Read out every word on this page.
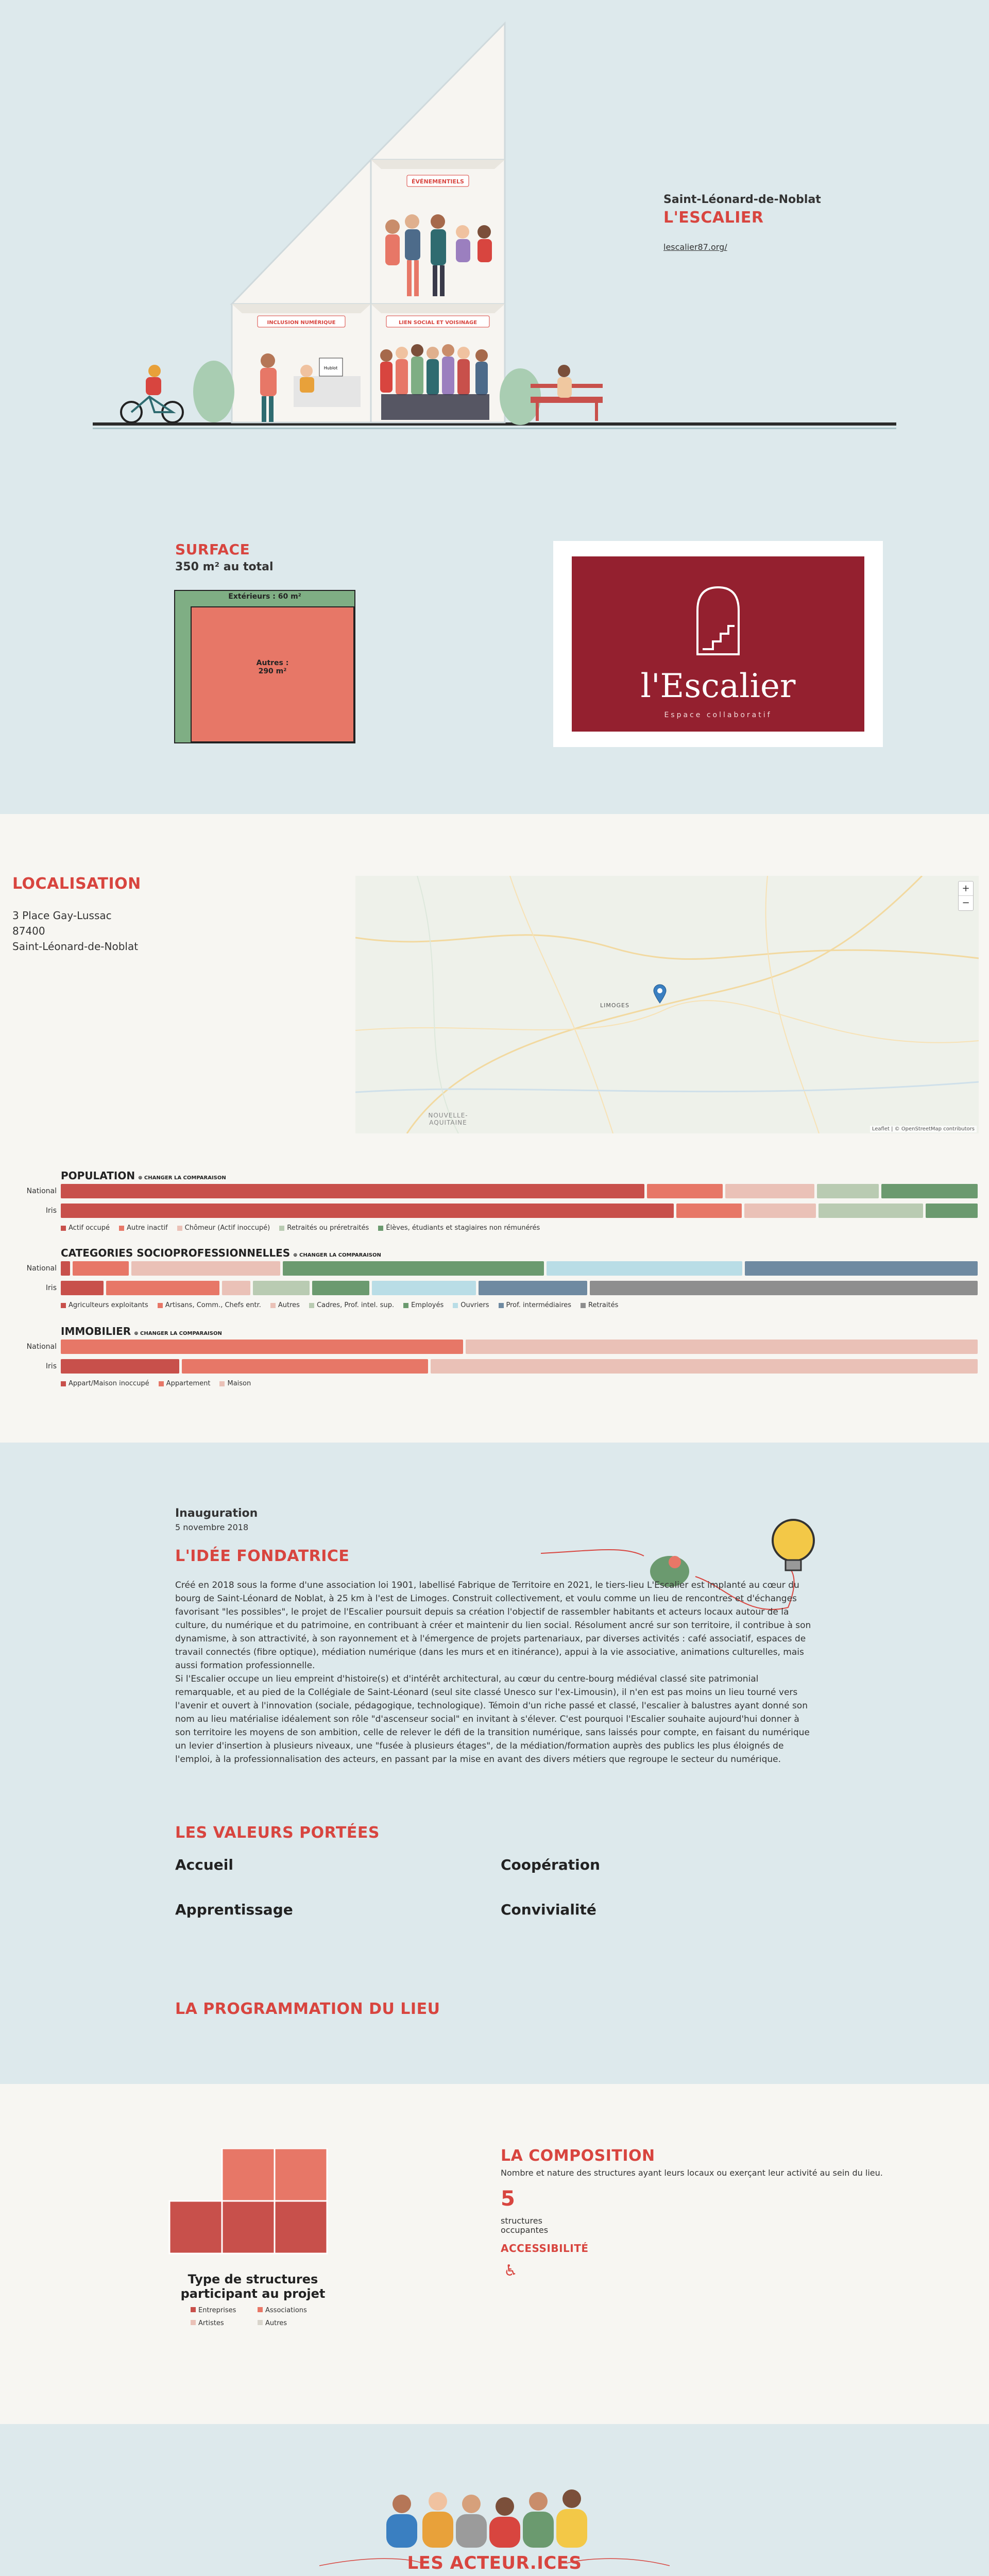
ÉVÉNEMENTIELS
INCLUSION NUMÉRIQUE	LIEN SOCIAL ET VOISINAGE
Hublot
Saint-Léonard-de-Noblat
L'ESCALIER
lescalier87.org/
SURFACE
350 m² au total
Extérieurs : 60 m²
Autres :
290 m²	l'Escalier
Espace collaboratif
LOCALISATION
3 Place Gay-Lussac
87400
Saint-Léonard-de-Noblat
LIMOGES
NOUVELLE-AQUITAINE
+
−
Leaflet | © OpenStreetMap contributors
POPULATION ⊕ CHANGER LA COMPARAISON
National
Iris
Actif occupé	Autre inactif	Chômeur (Actif inoccupé)	Retraités ou préretraités	Élèves, étudiants et stagiaires non rémunérés
CATEGORIES SOCIOPROFESSIONNELLES ⊕ CHANGER LA COMPARAISON
National
Iris
Agriculteurs exploitants	Artisans, Comm., Chefs entr.	Autres	Cadres, Prof. intel. sup.	Employés	Ouvriers	Prof. intermédiaires	Retraités
IMMOBILIER ⊕ CHANGER LA COMPARAISON
National
Iris
Appart/Maison inoccupé	Appartement	Maison
Inauguration
5 novembre 2018
L'IDÉE FONDATRICE

Créé en 2018 sous la forme d'une association loi 1901, labellisé Fabrique de Territoire en 2021, le tiers-lieu L'Escalier est implanté au cœur du bourg de Saint-Léonard de Noblat, à 25 km à l'est de Limoges. Construit collectivement, et voulu comme un lieu de rencontres et d'échanges favorisant "les possibles", le projet de l'Escalier poursuit depuis sa création l'objectif de rassembler habitants et acteurs locaux autour de la culture, du numérique et du patrimoine, en contribuant à créer et maintenir du lien social. Résolument ancré sur son territoire, il contribue à son dynamisme, à son attractivité, à son rayonnement et à l'émergence de projets partenariaux, par diverses activités : café associatif, espaces de travail connectés (fibre optique), médiation numérique (dans les murs et en itinérance), appui à la vie associative, animations culturelles, mais aussi formation professionnelle.

Si l'Escalier occupe un lieu empreint d'histoire(s) et d'intérêt architectural, au cœur du centre-bourg médiéval classé site patrimonial remarquable, et au pied de la Collégiale de Saint-Léonard (seul site classé Unesco sur l'ex-Limousin), il n'en est pas moins un lieu tourné vers l'avenir et ouvert à l'innovation (sociale, pédagogique, technologique). Témoin d'un riche passé et classé, l'escalier à balustres ayant donné son nom au lieu matérialise idéalement son rôle "d'ascenseur social" en invitant à s'élever. C'est pourquoi l'Escalier souhaite aujourd'hui donner à son territoire les moyens de son ambition, celle de relever le défi de la transition numérique, sans laissés pour compte, en faisant du numérique un levier d'insertion à plusieurs niveaux, une "fusée à plusieurs étages", de la médiation/formation auprès des publics les plus éloignés de l'emploi, à la professionnalisation des acteurs, en passant par la mise en avant des divers métiers que regroupe le secteur du numérique.

LES VALEURS PORTÉES
Accueil	Coopération
Apprentissage	Convivialité
LA PROGRAMMATION DU LIEU
Type de structures participant au projet
Entreprises	Associations
Artistes	Autres
LA COMPOSITION
Nombre et nature des structures ayant leurs locaux ou exerçant leur activité au sein du lieu.
5
structures occupantes
ACCESSIBILITÉ
♿
LES ACTEUR.ICES
